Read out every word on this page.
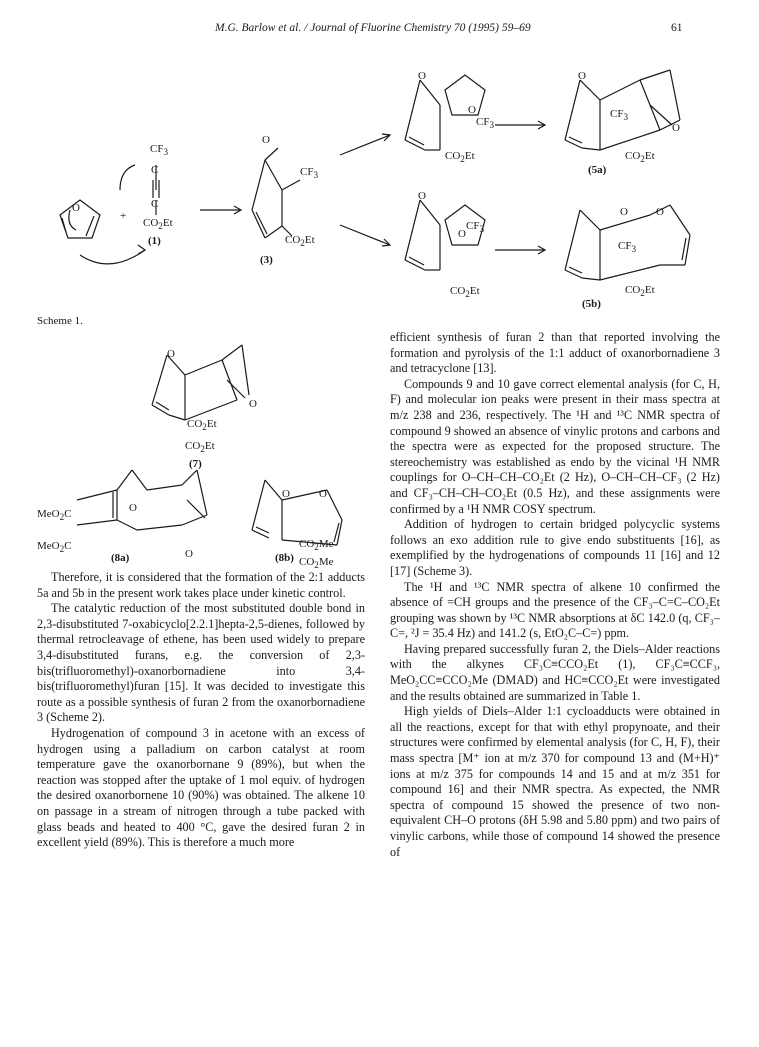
M.G. Barlow et al. / Journal of Fluorine Chemistry 70 (1995) 59–69	61
O
+
$CF_3$
C
C
$CO_2Et$
(1)
O
$CF_3$
$CO_2Et$
(3)
O
O
$CF_3$
$CO_2Et$
O
$CF_3$
O
$CO_2Et$
(5a)
O
O
$CF_3$
$CO_2Et$
O	O
$CF_3$
$CO_2Et$
(5b)
Scheme 1.
O
O
$CO_2Et$
$CO_2Et$
(7)
O
O
MeO$_2$C
MeO$_2$C
(8a)
O	O
$CO_2Me$
$CO_2Me$
(8b)

Therefore, it is considered that the formation of the 2:1 adducts 5a and 5b in the present work takes place under kinetic control.

The catalytic reduction of the most substituted double bond in 2,3-disubstituted 7-oxabicyclo[2.2.1]hepta-2,5-dienes, followed by thermal retrocleavage of ethene, has been used widely to prepare 3,4-disubstituted furans, e.g. the conversion of 2,3-bis(trifluoromethyl)-oxanorbornadiene into 3,4-bis(trifluoromethyl)furan [15]. It was decided to investigate this route as a possible synthesis of furan 2 from the oxanorbornadiene 3 (Scheme 2).

Hydrogenation of compound 3 in acetone with an excess of hydrogen using a palladium on carbon catalyst at room temperature gave the oxanorbornane 9 (89%), but when the reaction was stopped after the uptake of 1 mol equiv. of hydrogen the desired oxanorbornene 10 (90%) was obtained. The alkene 10 on passage in a stream of nitrogen through a tube packed with glass beads and heated to 400 °C, gave the desired furan 2 in excellent yield (89%). This is therefore a much more

efficient synthesis of furan 2 than that reported involving the formation and pyrolysis of the 1:1 adduct of oxanorbornadiene 3 and tetracyclone [13].

Compounds 9 and 10 gave correct elemental analysis (for C, H, F) and molecular ion peaks were present in their mass spectra at m/z 238 and 236, respectively. The ¹H and ¹³C NMR spectra of compound 9 showed an absence of vinylic protons and carbons and the spectra were as expected for the proposed structure. The stereochemistry was established as endo by the vicinal ¹H NMR couplings for O–CH–CH–CO₂Et (2 Hz), O–CH–CH–CF₃ (2 Hz) and CF₃–CH–CH–CO₂Et (0.5 Hz), and these assignments were confirmed by a ¹H NMR COSY spectrum.

Addition of hydrogen to certain bridged polycyclic systems follows an exo addition rule to give endo substituents [16], as exemplified by the hydrogenations of compounds 11 [16] and 12 [17] (Scheme 3).

The ¹H and ¹³C NMR spectra of alkene 10 confirmed the absence of =CH groups and the presence of the CF₃–C=C–CO₂Et grouping was shown by ¹³C NMR absorptions at δC 142.0 (q, CF₃–C=, ²J = 35.4 Hz) and 141.2 (s, EtO₂C–C=) ppm.

Having prepared successfully furan 2, the Diels–Alder reactions with the alkynes CF₃C≡CCO₂Et (1), CF₃C≡CCF₃, MeO₂CC≡CCO₂Me (DMAD) and HC≡CCO₂Et were investigated and the results obtained are summarized in Table 1.

High yields of Diels–Alder 1:1 cycloadducts were obtained in all the reactions, except for that with ethyl propynoate, and their structures were confirmed by elemental analysis (for C, H, F), their mass spectra [M⁺ ion at m/z 370 for compound 13 and (M+H)⁺ ions at m/z 375 for compounds 14 and 15 and at m/z 351 for compound 16] and their NMR spectra. As expected, the NMR spectra of compound 15 showed the presence of two non-equivalent CH–O protons (δH 5.98 and 5.80 ppm) and two pairs of vinylic carbons, while those of compound 14 showed the presence of
